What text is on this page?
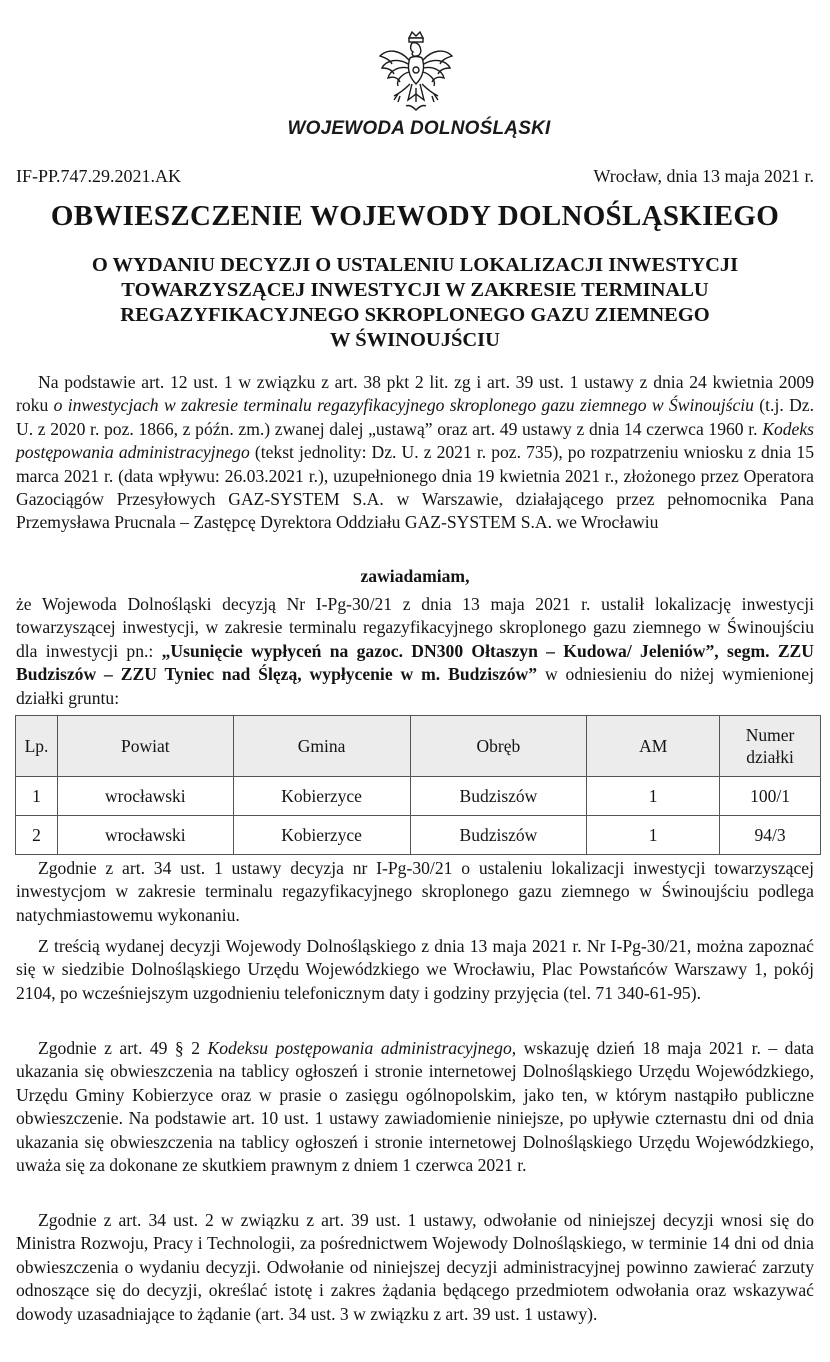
WOJEWODA DOLNOŚLĄSKI
IF-PP.747.29.2021.AK	Wrocław, dnia 13 maja 2021 r.
OBWIESZCZENIE WOJEWODY DOLNOŚLĄSKIEGO
O WYDANIU DECYZJI O USTALENIU LOKALIZACJI INWESTYCJI
TOWARZYSZĄCEJ INWESTYCJI W ZAKRESIE TERMINALU
REGAZYFIKACYJNEGO SKROPLONEGO GAZU ZIEMNEGO
W ŚWINOUJŚCIU
Na podstawie art. 12 ust. 1 w związku z art. 38 pkt 2 lit. zg i art. 39 ust. 1 ustawy z dnia 24 kwietnia 2009 roku o inwestycjach w zakresie terminalu regazyfikacyjnego skroplonego gazu ziemnego w Świnoujściu (t.j. Dz. U. z 2020 r. poz. 1866, z późn. zm.) zwanej dalej „ustawą” oraz art. 49 ustawy z dnia 14 czerwca 1960 r. Kodeks postępowania administracyjnego (tekst jednolity: Dz. U. z 2021 r. poz. 735), po rozpatrzeniu wniosku z dnia 15 marca 2021 r. (data wpływu: 26.03.2021 r.), uzupełnionego dnia 19 kwietnia 2021 r., złożonego przez Operatora Gazociągów Przesyłowych GAZ-SYSTEM S.A. w Warszawie, działającego przez pełnomocnika Pana Przemysława Prucnala – Zastępcę Dyrektora Oddziału GAZ-SYSTEM S.A. we Wrocławiu
zawiadamiam,
że Wojewoda Dolnośląski decyzją Nr I-Pg-30/21 z dnia 13 maja 2021 r. ustalił lokalizację inwestycji towarzyszącej inwestycji, w zakresie terminalu regazyfikacyjnego skroplonego gazu ziemnego w Świnoujściu dla inwestycji pn.: „Usunięcie wypłyceń na gazoc. DN300 Ołtaszyn – Kudowa/ Jeleniów”, segm. ZZU Budziszów – ZZU Tyniec nad Ślęzą, wypłycenie w m. Budziszów” w odniesieniu do niżej wymienionej działki gruntu:
Lp.	Powiat	Gmina	Obręb	AM	Numer
działki
1	wrocławski	Kobierzyce	Budziszów	1	100/1
2	wrocławski	Kobierzyce	Budziszów	1	94/3
Zgodnie z art. 34 ust. 1 ustawy decyzja nr I-Pg-30/21 o ustaleniu lokalizacji inwestycji towarzyszącej inwestycjom w zakresie terminalu regazyfikacyjnego skroplonego gazu ziemnego w Świnoujściu podlega natychmiastowemu wykonaniu.
Z treścią wydanej decyzji Wojewody Dolnośląskiego z dnia 13 maja 2021 r. Nr I-Pg-30/21, można zapoznać się w siedzibie Dolnośląskiego Urzędu Wojewódzkiego we Wrocławiu, Plac Powstańców Warszawy 1, pokój 2104, po wcześniejszym uzgodnieniu telefonicznym daty i godziny przyjęcia (tel. 71 340-61-95).
Zgodnie z art. 49 § 2 Kodeksu postępowania administracyjnego, wskazuję dzień 18 maja 2021 r. – data ukazania się obwieszczenia na tablicy ogłoszeń i stronie internetowej Dolnośląskiego Urzędu Wojewódzkiego, Urzędu Gminy Kobierzyce oraz w prasie o zasięgu ogólnopolskim, jako ten, w którym nastąpiło publiczne obwieszczenie. Na podstawie art. 10 ust. 1 ustawy zawiadomienie niniejsze, po upływie czternastu dni od dnia ukazania się obwieszczenia na tablicy ogłoszeń i stronie internetowej Dolnośląskiego Urzędu Wojewódzkiego, uważa się za dokonane ze skutkiem prawnym z dniem 1 czerwca 2021 r.
Zgodnie z art. 34 ust. 2 w związku z art. 39 ust. 1 ustawy, odwołanie od niniejszej decyzji wnosi się do Ministra Rozwoju, Pracy i Technologii, za pośrednictwem Wojewody Dolnośląskiego, w terminie 14 dni od dnia obwieszczenia o wydaniu decyzji. Odwołanie od niniejszej decyzji administracyjnej powinno zawierać zarzuty odnoszące się do decyzji, określać istotę i zakres żądania będącego przedmiotem odwołania oraz wskazywać dowody uzasadniające to żądanie (art. 34 ust. 3 w związku z art. 39 ust. 1 ustawy).
